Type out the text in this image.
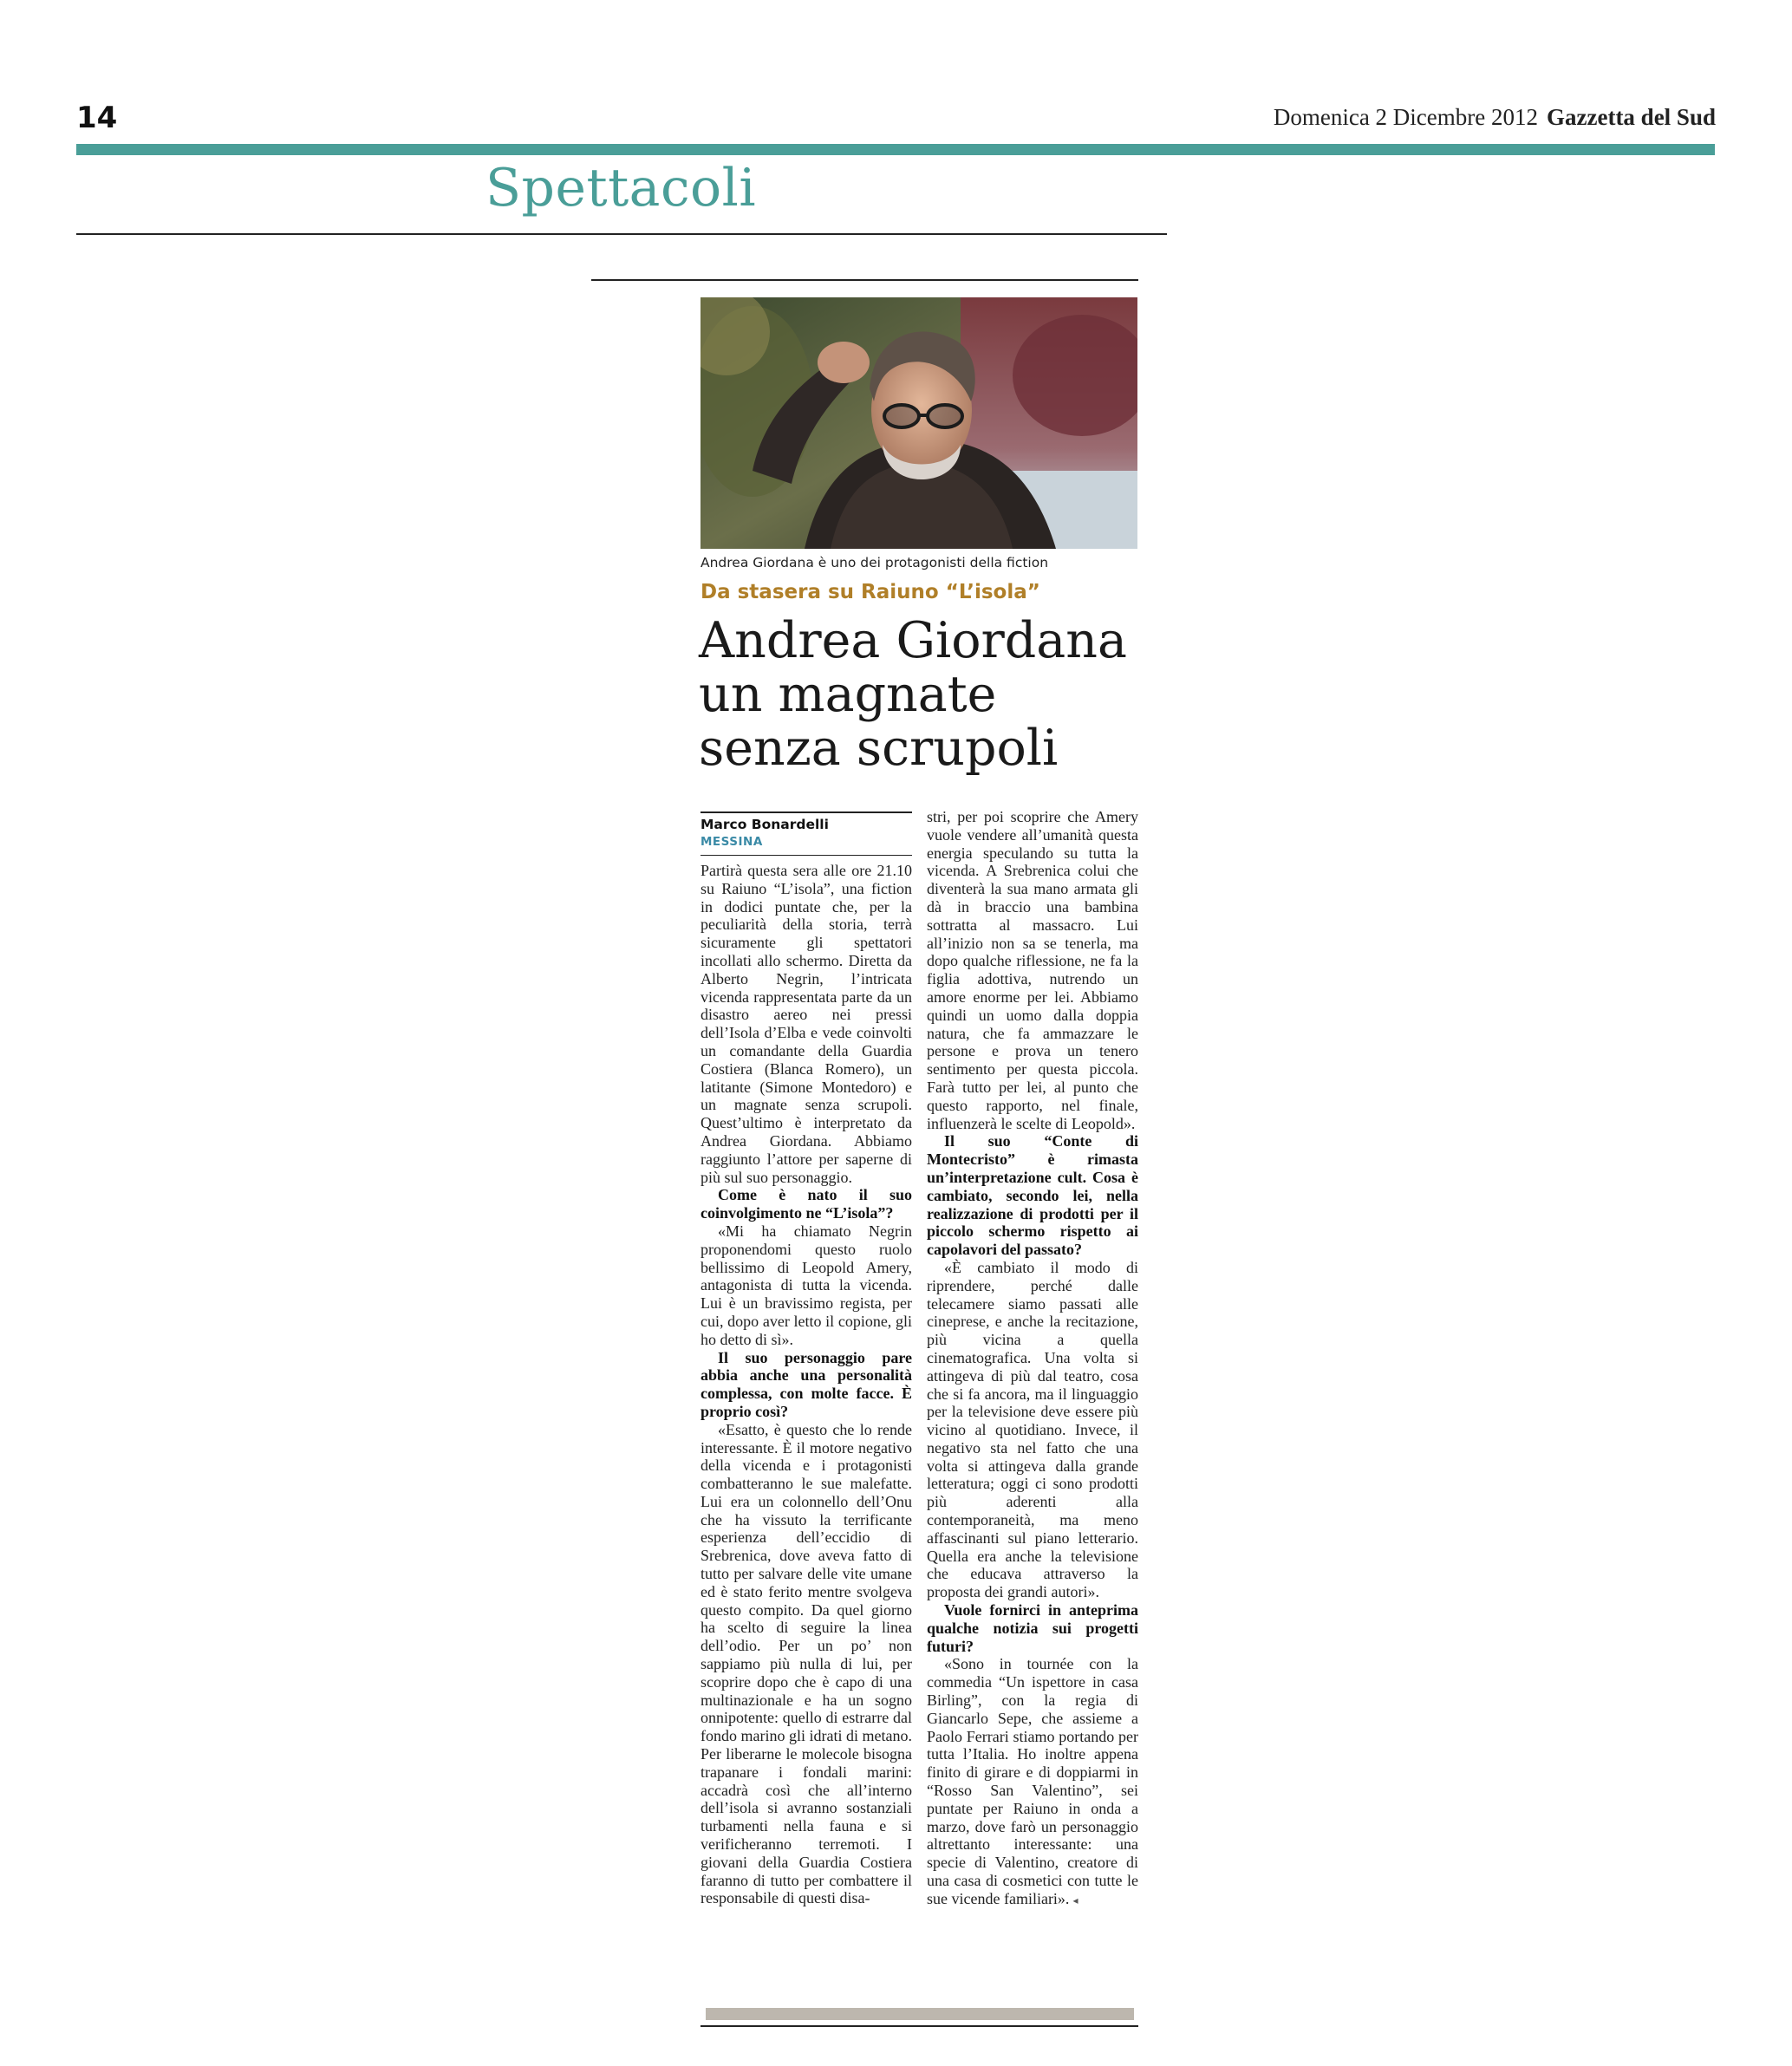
14	Domenica 2 Dicembre 2012 Gazzetta del Sud
Spettacoli
Andrea Giordana è uno dei protagonisti della fiction
Da stasera su Raiuno “L’isola”
Andrea Giordana
un magnate
senza scrupoli
Marco Bonardelli
MESSINA

Partirà questa sera alle ore 21.10 su Raiuno “L’isola”, una fiction in dodici puntate che, per la peculiarità della storia, terrà sicuramente gli spettatori incollati allo schermo. Diretta da Alberto Negrin, l’intricata vicenda rappresentata parte da un disastro aereo nei pressi dell’Isola d’Elba e vede coinvolti un comandante della Guardia Costiera (Blanca Romero), un latitante (Simone Montedoro) e un magnate senza scrupoli. Quest’ultimo è interpretato da Andrea Giordana. Abbiamo raggiunto l’attore per saperne di più sul suo personaggio.

Come è nato il suo coinvolgimento ne “L’isola”?

«Mi ha chiamato Negrin proponendomi questo ruolo bellissimo di Leopold Amery, antagonista di tutta la vicenda. Lui è un bravissimo regista, per cui, dopo aver letto il copione, gli ho detto di sì».

Il suo personaggio pare abbia anche una personalità complessa, con molte facce. È proprio così?

«Esatto, è questo che lo rende interessante. È il motore negativo della vicenda e i protagonisti combatteranno le sue malefatte. Lui era un colonnello dell’Onu che ha vissuto la terrificante esperienza dell’eccidio di Srebrenica, dove aveva fatto di tutto per salvare delle vite umane ed è stato ferito mentre svolgeva questo compito. Da quel giorno ha scelto di seguire la linea dell’odio. Per un po’ non sappiamo più nulla di lui, per scoprire dopo che è capo di una multinazionale e ha un sogno onnipotente: quello di estrarre dal fondo marino gli idrati di metano. Per liberarne le molecole bisogna trapanare i fondali marini: accadrà così che all’interno dell’isola si avranno sostanziali turbamenti nella fauna e si verificheranno terremoti. I giovani della Guardia Costiera faranno di tutto per combattere il responsabile di questi disa-

stri, per poi scoprire che Amery vuole vendere all’umanità questa energia speculando su tutta la vicenda. A Srebrenica colui che diventerà la sua mano armata gli dà in braccio una bambina sottratta al massacro. Lui all’inizio non sa se tenerla, ma dopo qualche riflessione, ne fa la figlia adottiva, nutrendo un amore enorme per lei. Abbiamo quindi un uomo dalla doppia natura, che fa ammazzare le persone e prova un tenero sentimento per questa piccola. Farà tutto per lei, al punto che questo rapporto, nel finale, influenzerà le scelte di Leopold».

Il suo “Conte di Montecristo” è rimasta un’interpretazione cult. Cosa è cambiato, secondo lei, nella realizzazione di prodotti per il piccolo schermo rispetto ai capolavori del passato?

«È cambiato il modo di riprendere, perché dalle telecamere siamo passati alle cineprese, e anche la recitazione, più vicina a quella cinematografica. Una volta si attingeva di più dal teatro, cosa che si fa ancora, ma il linguaggio per la televisione deve essere più vicino al quotidiano. Invece, il negativo sta nel fatto che una volta si attingeva dalla grande letteratura; oggi ci sono prodotti più aderenti alla contemporaneità, ma meno affascinanti sul piano letterario. Quella era anche la televisione che educava attraverso la proposta dei grandi autori».

Vuole fornirci in anteprima qualche notizia sui progetti futuri?

«Sono in tournée con la commedia “Un ispettore in casa Birling”, con la regia di Giancarlo Sepe, che assieme a Paolo Ferrari stiamo portando per tutta l’Italia. Ho inoltre appena finito di girare e di doppiarmi in “Rosso San Valentino”, sei puntate per Raiuno in onda a marzo, dove farò un personaggio altrettanto interessante: una specie di Valentino, creatore di una casa di cosmetici con tutte le sue vicende familiari». ◂
